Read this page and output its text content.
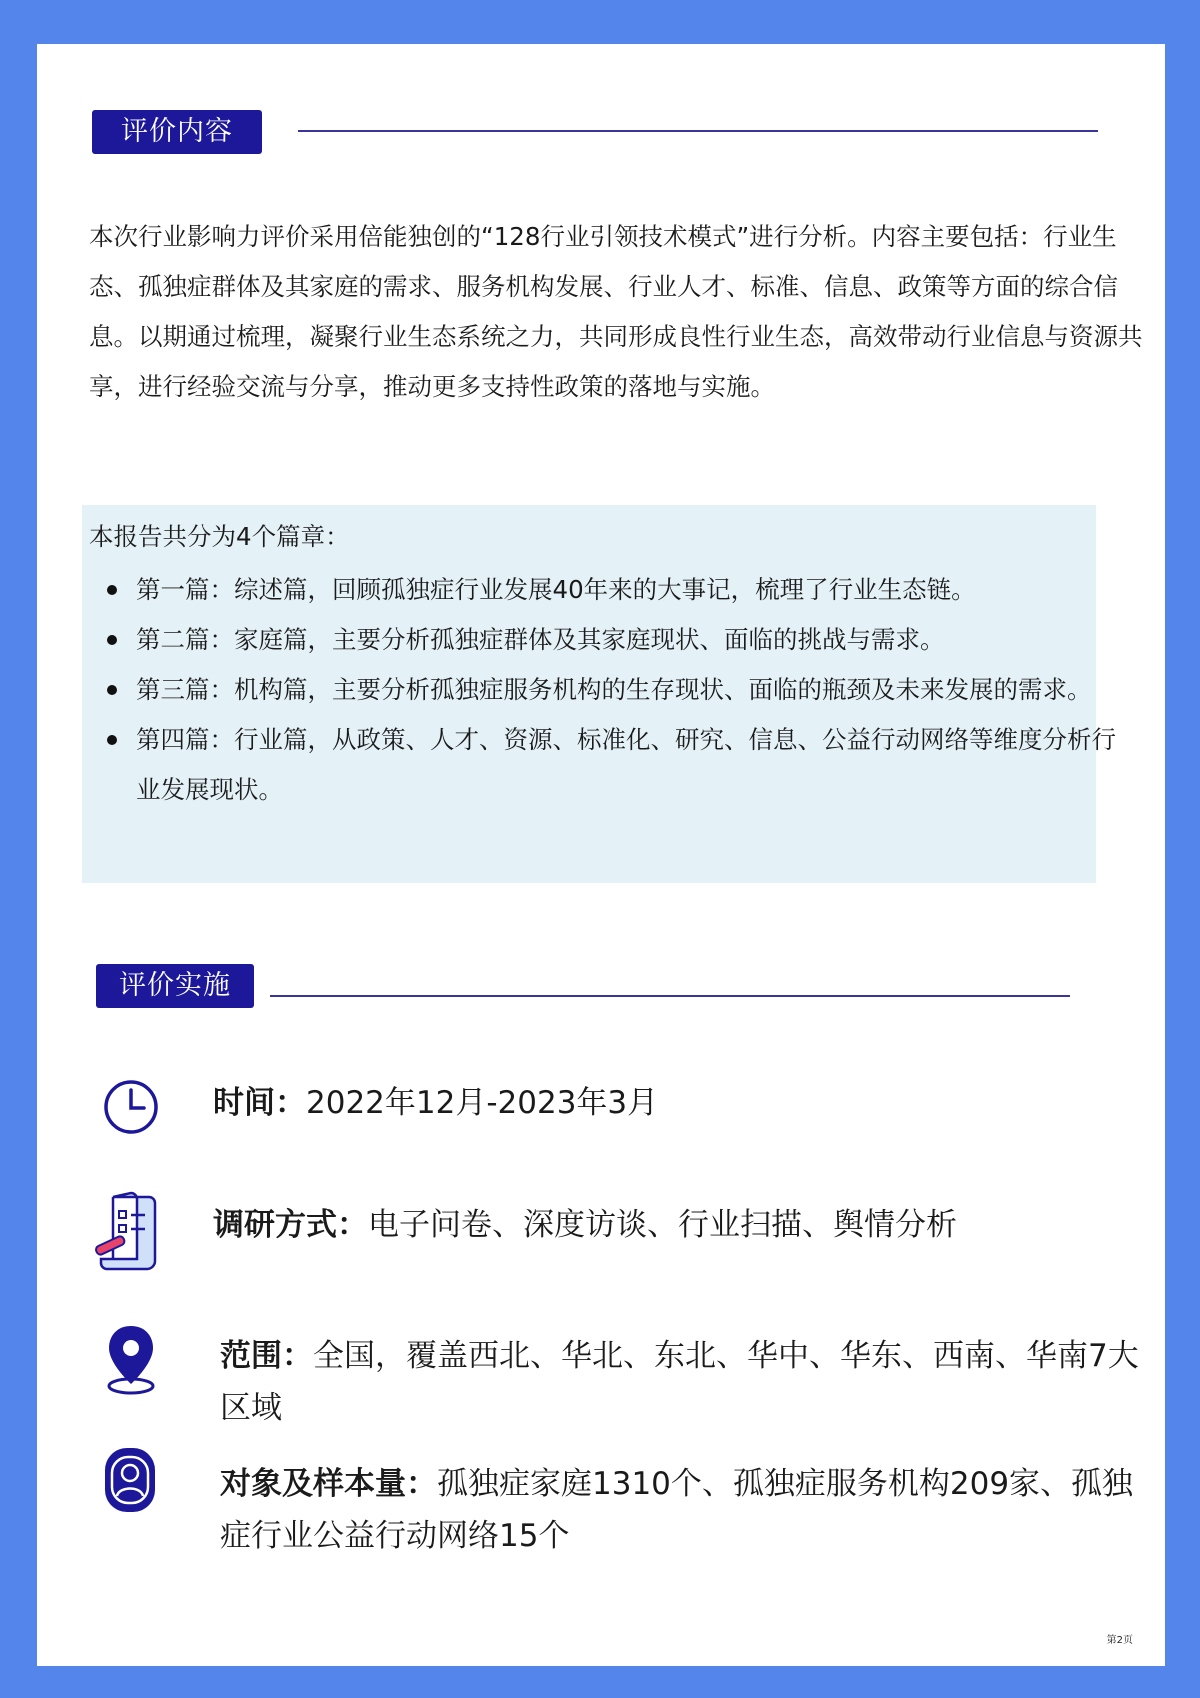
评价内容

本次行业影响力评价采用倍能独创的“128行业引领技术模式”进行分析。内容主要包括：行业生态、孤独症群体及其家庭的需求、服务机构发展、行业人才、标准、信息、政策等方面的综合信息。以期通过梳理，凝聚行业生态系统之力，共同形成良性行业生态，高效带动行业信息与资源共享，进行经验交流与分享，推动更多支持性政策的落地与实施。

本报告共分为4个篇章：
第一篇：综述篇，回顾孤独症行业发展40年来的大事记，梳理了行业生态链。
第二篇：家庭篇，主要分析孤独症群体及其家庭现状、面临的挑战与需求。
第三篇：机构篇，主要分析孤独症服务机构的生存现状、面临的瓶颈及未来发展的需求。
第四篇：行业篇，从政策、人才、资源、标准化、研究、信息、公益行动网络等维度分析行业发展现状。
评价实施

时间：2022年12月-2023年3月

调研方式：电子问卷、深度访谈、行业扫描、舆情分析

范围：全国，覆盖西北、华北、东北、华中、华东、西南、华南7大区域

对象及样本量：孤独症家庭1310个、孤独症服务机构209家、孤独症行业公益行动网络15个

第2页
